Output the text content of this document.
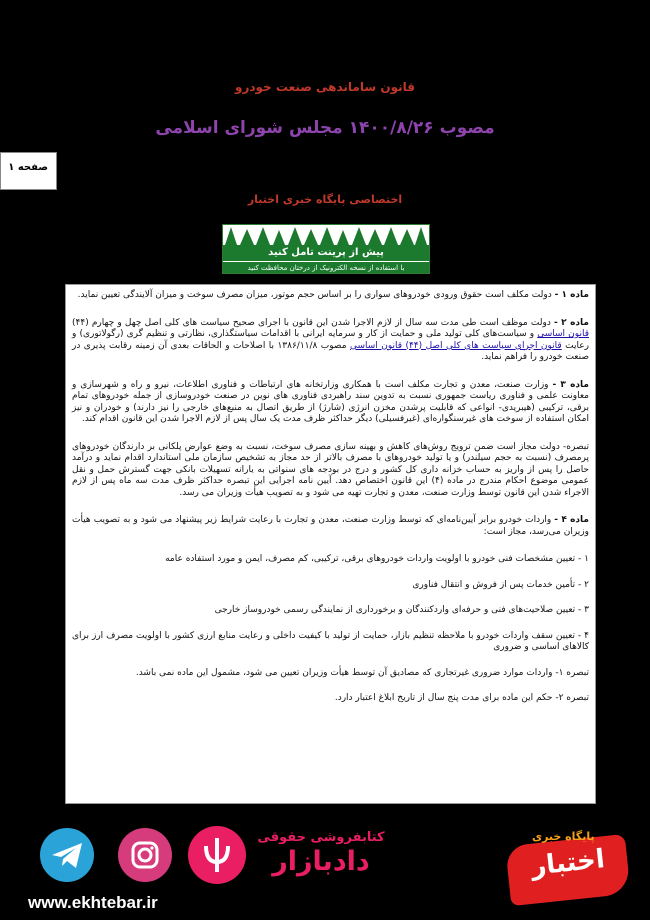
قانون ساماندهی صنعت خودرو
مصوب ۱۴۰۰/۸/۲۶ مجلس شورای اسلامی
صفحه ۱
اختصاصی پایگاه خبری اختبار
پیش از پرینت تامل کنید
با استفاده از نسخه الکترونیک از درختان محافظت کنید

ماده ۱ - دولت مکلف است حقوق ورودی خودروهای سواری را بر اساس حجم موتور، میزان مصرف سوخت و میزان آلایندگی تعیین نماید.

ماده ۲ - دولت موظف است طی مدت سه سال از لازم الاجرا شدن این قانون با اجرای صحیح سیاست های کلی اصل چهل و چهارم (۴۴) قانون اساسی و سیاست‌های کلی تولید ملی و حمایت از کار و سرمایه ایرانی با اقدامات سیاستگذاری، نظارتی و تنظیم گری (رگولاتوری) و رعایت قانون اجرای سیاست های کلی اصل (۴۴) قانون اساسی مصوب ۱۳۸۶/۱۱/۸ با اصلاحات و الحاقات بعدی آن زمینه رقابت پذیری در صنعت خودرو را فراهم نماید.

ماده ۳ - وزارت صنعت، معدن و تجارت مکلف است با همکاری وزارتخانه های ارتباطات و فناوری اطلاعات، نیرو و راه و شهرسازی و معاونت علمی و فناوری ریاست جمهوری نسبت به تدوین سند راهبردی فناوری های نوین در صنعت خودروسازی از جمله خودروهای تمام برقی، ترکیبی (هیبریدی- انواعی که قابلیت پرشدن مخزن انرژی (شارژ) از طریق اتصال به منبع‌های خارجی را نیز دارند) و خودران و نیز امکان استفاده از سوخت های غیرسنگواره‌ای (غیرفسیلی) دیگر حداکثر ظرف مدت یک سال پس از لازم الاجرا شدن این قانون اقدام کند.

تبصره- دولت مجاز است ضمن ترویج روش‌های کاهش و بهینه سازی مصرف سوخت، نسبت به وضع عوارض پلکانی بر دارندگان خودروهای پرمصرف (نسبت به حجم سیلندر) و یا تولید خودروهای با مصرف بالاتر از حد مجاز به تشخیص سازمان ملی استاندارد اقدام نماید و درآمد حاصل را پس از واریز به حساب خزانه داری کل کشور و درج در بودجه های سنواتی به یارانه تسهیلات بانکی جهت گسترش حمل و نقل عمومی موضوع احکام مندرج در ماده (۴) این قانون اختصاص دهد. آیین نامه اجرایی این تبصره حداکثر ظرف مدت سه ماه پس از لازم الاجراء شدن این قانون توسط وزارت صنعت، معدن و تجارت تهیه می شود و به تصویب هیأت وزیران می رسد.

ماده ۴ - واردات خودرو برابر آیین‌نامه‌ای که توسط وزارت صنعت، معدن و تجارت با رعایت شرایط زیر پیشنهاد می شود و به تصویب هیأت وزیران می‌رسد، مجاز است:

۱ - تعیین مشخصات فنی خودرو با اولویت واردات خودروهای برقی، ترکیبی، کم مصرف، ایمن و مورد استفاده عامه

۲ - تأمین خدمات پس از فروش و انتقال فناوری

۳ - تعیین صلاحیت‌های فنی و حرفه‌ای واردکنندگان و برخورداری از نمایندگی رسمی خودروساز خارجی

۴ - تعیین سقف واردات خودرو با ملاحظه تنظیم بازار، حمایت از تولید با کیفیت داخلی و رعایت منابع ارزی کشور با اولویت مصرف ارز برای کالاهای اساسی و ضروری

تبصره ۱- واردات موارد ضروری غیرتجاری که مصادیق آن توسط هیأت وزیران تعیین می شود، مشمول این ماده نمی باشد.

تبصره ۲- حکم این ماده برای مدت پنج سال از تاریخ ابلاغ اعتبار دارد.

کتابفروشی حقوقی
دادبازار
پایگاه خبری
اختبار
www.ekhtebar.ir
